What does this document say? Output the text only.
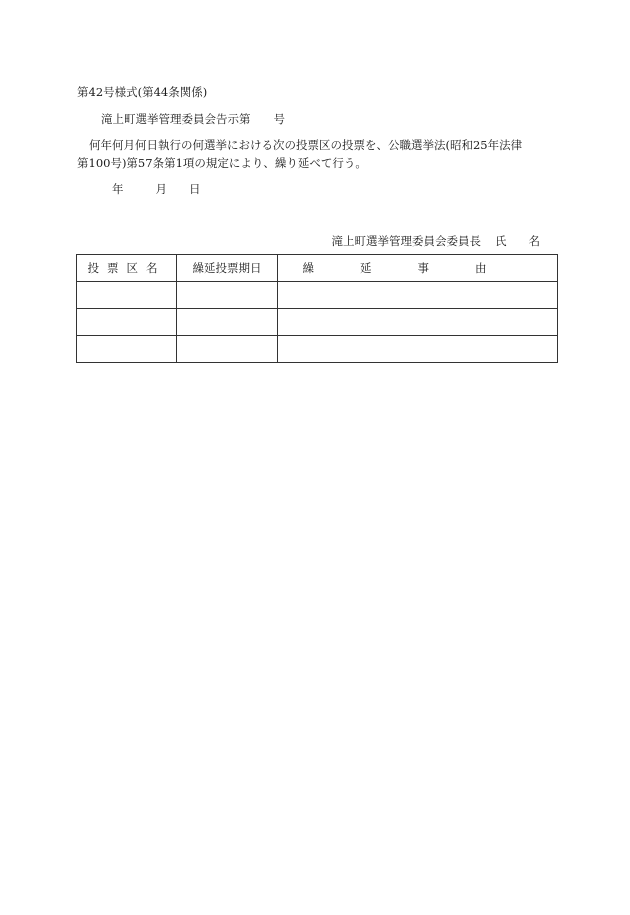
第42号様式(第44条関係)
滝上町選挙管理委員会告示第　　号
何年何月何日執行の何選挙における次の投票区の投票を、公職選挙法(昭和25年法律
第100号)第57条第1項の規定により、繰り延べて行う。
年	月 日
滝上町選挙管理委員会委員長 氏 名
投票区名	繰延投票期日	繰延事由
